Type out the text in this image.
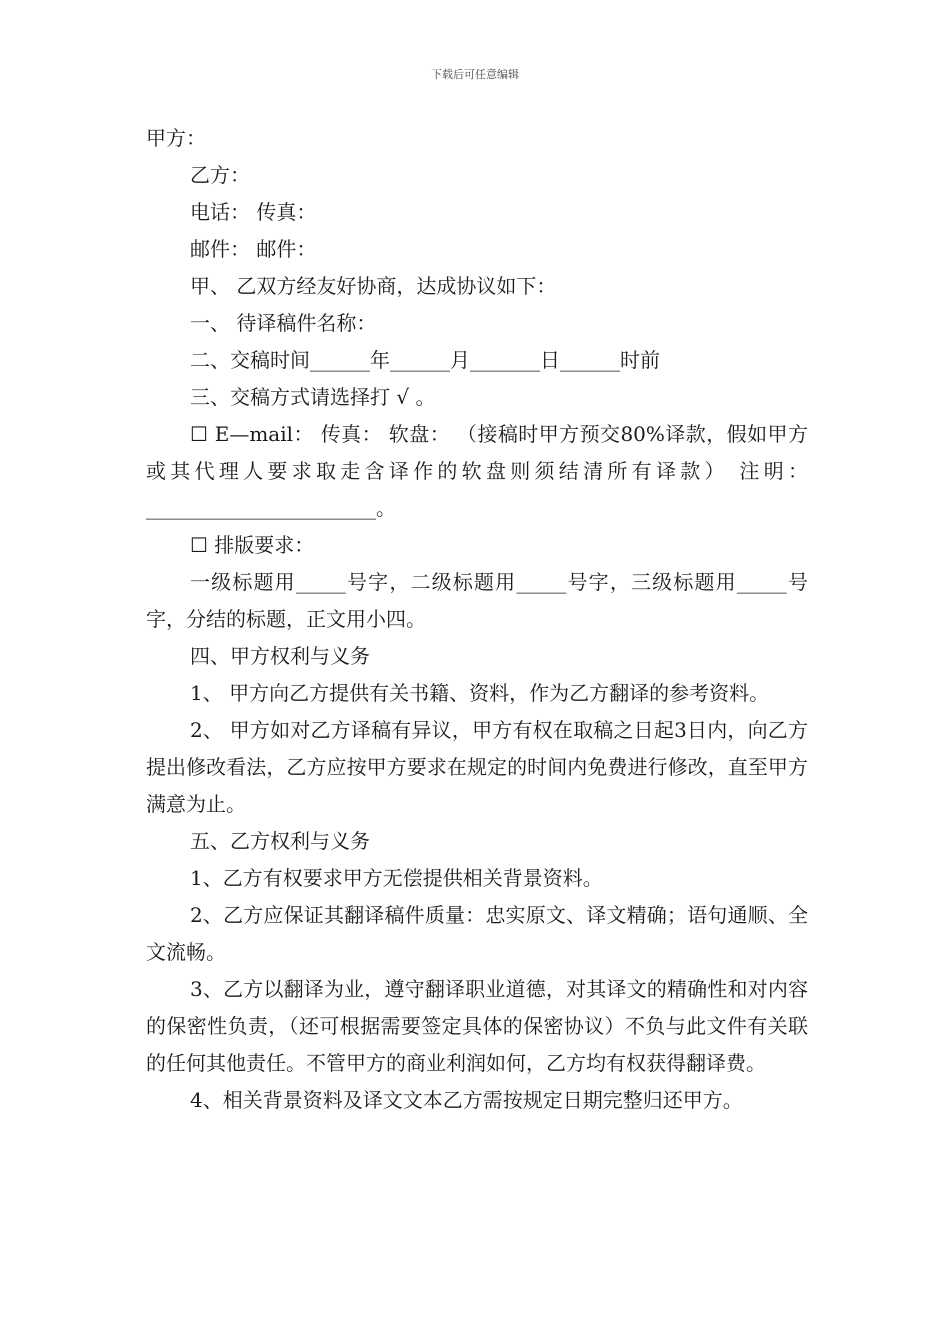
下载后可任意编辑

甲方：

乙方：

电话： 传真：

邮件： 邮件：

甲、 乙双方经友好协商，达成协议如下：

一、 待译稿件名称：

二、交稿时间______年______月_______日______时前

三、交稿方式请选择打 √ 。

☐ E—mail： 传真： 软盘： （接稿时甲方预交80%译款，假如甲方或其代理人要求取走含译作的软盘则须结清所有译款） 注明：_______________________。

☐ 排版要求：

一级标题用_____号字，二级标题用_____号字，三级标题用_____号字，分结的标题，正文用小四。

四、甲方权利与义务

1、 甲方向乙方提供有关书籍、资料，作为乙方翻译的参考资料。

2、 甲方如对乙方译稿有异议，甲方有权在取稿之日起3日内，向乙方提出修改看法，乙方应按甲方要求在规定的时间内免费进行修改，直至甲方满意为止。

五、乙方权利与义务

1、乙方有权要求甲方无偿提供相关背景资料。

2、乙方应保证其翻译稿件质量：忠实原文、译文精确；语句通顺、全文流畅。

3、乙方以翻译为业，遵守翻译职业道德，对其译文的精确性和对内容的保密性负责，（还可根据需要签定具体的保密协议）不负与此文件有关联的任何其他责任。不管甲方的商业利润如何，乙方均有权获得翻译费。

4、相关背景资料及译文文本乙方需按规定日期完整归还甲方。
